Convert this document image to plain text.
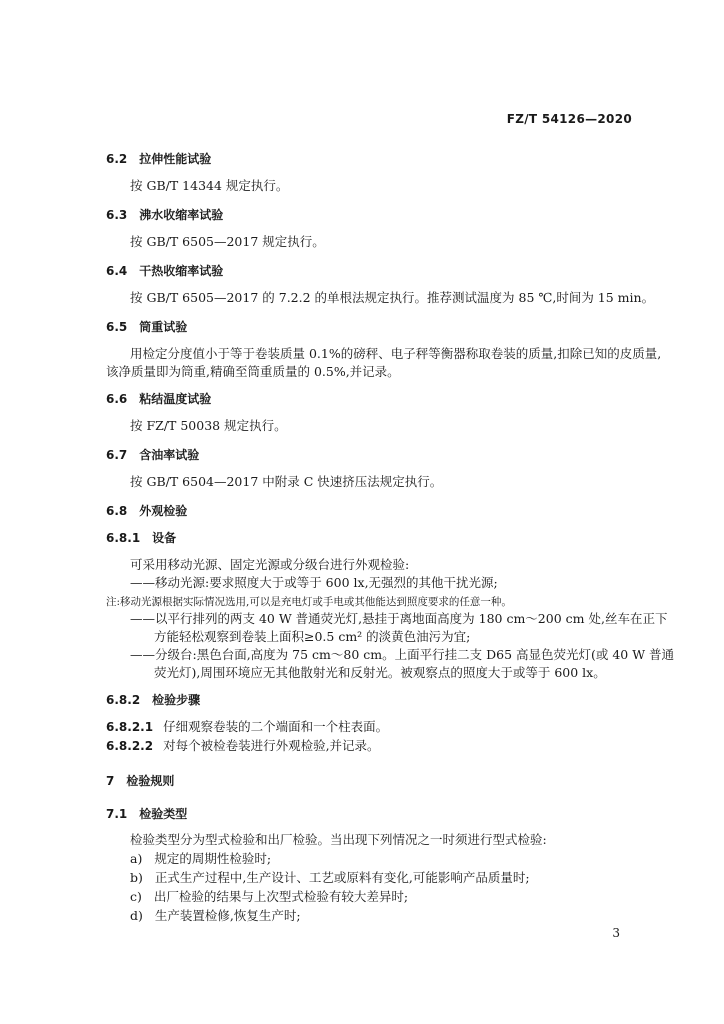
FZ/T 54126—2020
6.2 拉伸性能试验
按 GB/T 14344 规定执行。
6.3 沸水收缩率试验
按 GB/T 6505—2017 规定执行。
6.4 干热收缩率试验
按 GB/T 6505—2017 的 7.2.2 的单根法规定执行。推荐测试温度为 85 ℃,时间为 15 min。
6.5 筒重试验
用检定分度值小于等于卷装质量 0.1%的磅秤、电子秤等衡器称取卷装的质量,扣除已知的皮质量,
该净质量即为筒重,精确至筒重质量的 0.5%,并记录。
6.6 粘结温度试验
按 FZ/T 50038 规定执行。
6.7 含油率试验
按 GB/T 6504—2017 中附录 C 快速挤压法规定执行。
6.8 外观检验
6.8.1 设备
可采用移动光源、固定光源或分级台进行外观检验:
——移动光源:要求照度大于或等于 600 lx,无强烈的其他干扰光源;
注:移动光源根据实际情况选用,可以是充电灯或手电或其他能达到照度要求的任意一种。
——以平行排列的两支 40 W 普通荧光灯,悬挂于离地面高度为 180 cm～200 cm 处,丝车在正下
方能轻松观察到卷装上面积≥0.5 cm² 的淡黄色油污为宜;
——分级台:黑色台面,高度为 75 cm～80 cm。上面平行挂二支 D65 高显色荧光灯(或 40 W 普通
荧光灯),周围环境应无其他散射光和反射光。被观察点的照度大于或等于 600 lx。
6.8.2 检验步骤
6.8.2.1 仔细观察卷装的二个端面和一个柱表面。
6.8.2.2 对每个被检卷装进行外观检验,并记录。
7 检验规则
7.1 检验类型
检验类型分为型式检验和出厂检验。当出现下列情况之一时须进行型式检验:
a) 规定的周期性检验时;
b) 正式生产过程中,生产设计、工艺或原料有变化,可能影响产品质量时;
c) 出厂检验的结果与上次型式检验有较大差异时;
d) 生产装置检修,恢复生产时;
3
